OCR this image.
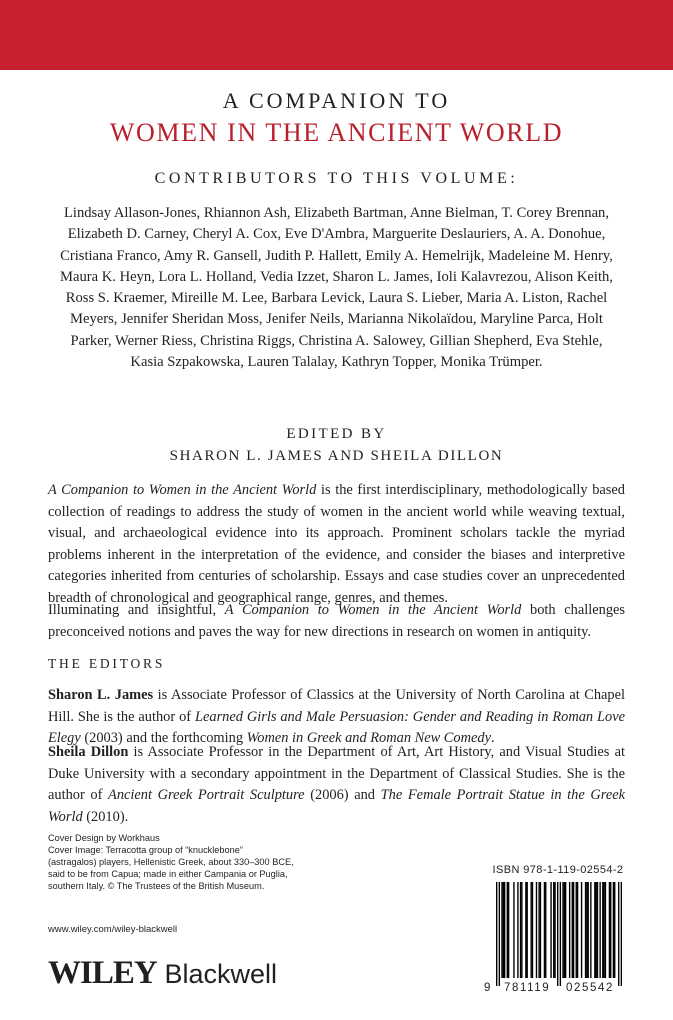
A COMPANION TO
WOMEN IN THE ANCIENT WORLD
CONTRIBUTORS TO THIS VOLUME:
Lindsay Allason-Jones, Rhiannon Ash, Elizabeth Bartman, Anne Bielman, T. Corey Brennan, Elizabeth D. Carney, Cheryl A. Cox, Eve D'Ambra, Marguerite Deslauriers, A. A. Donohue, Cristiana Franco, Amy R. Gansell, Judith P. Hallett, Emily A. Hemelrijk, Madeleine M. Henry, Maura K. Heyn, Lora L. Holland, Vedia Izzet, Sharon L. James, Ioli Kalavrezou, Alison Keith, Ross S. Kraemer, Mireille M. Lee, Barbara Levick, Laura S. Lieber, Maria A. Liston, Rachel Meyers, Jennifer Sheridan Moss, Jenifer Neils, Marianna Nikolaïdou, Maryline Parca, Holt Parker, Werner Riess, Christina Riggs, Christina A. Salowey, Gillian Shepherd, Eva Stehle, Kasia Szpakowska, Lauren Talalay, Kathryn Topper, Monika Trümper.
EDITED BY
SHARON L. JAMES AND SHEILA DILLON
A Companion to Women in the Ancient World is the first interdisciplinary, methodologically based collection of readings to address the study of women in the ancient world while weaving textual, visual, and archaeological evidence into its approach. Prominent scholars tackle the myriad problems inherent in the interpretation of the evidence, and consider the biases and interpretive categories inherited from centuries of scholarship. Essays and case studies cover an unprecedented breadth of chronological and geographical range, genres, and themes.
Illuminating and insightful, A Companion to Women in the Ancient World both challenges preconceived notions and paves the way for new directions in research on women in antiquity.
THE EDITORS
Sharon L. James is Associate Professor of Classics at the University of North Carolina at Chapel Hill. She is the author of Learned Girls and Male Persuasion: Gender and Reading in Roman Love Elegy (2003) and the forthcoming Women in Greek and Roman New Comedy.
Sheila Dillon is Associate Professor in the Department of Art, Art History, and Visual Studies at Duke University with a secondary appointment in the Department of Classical Studies. She is the author of Ancient Greek Portrait Sculpture (2006) and The Female Portrait Statue in the Greek World (2010).
Cover Design by Workhaus
Cover Image: Terracotta group of “knucklebone”
(astragalos) players, Hellenistic Greek, about 330–300 BCE,
said to be from Capua; made in either Campania or Puglia,
southern Italy. © The Trustees of the British Museum.
www.wiley.com/wiley-blackwell
WILEY Blackwell
ISBN 978-1-119-02554-2
9 781119 025542
